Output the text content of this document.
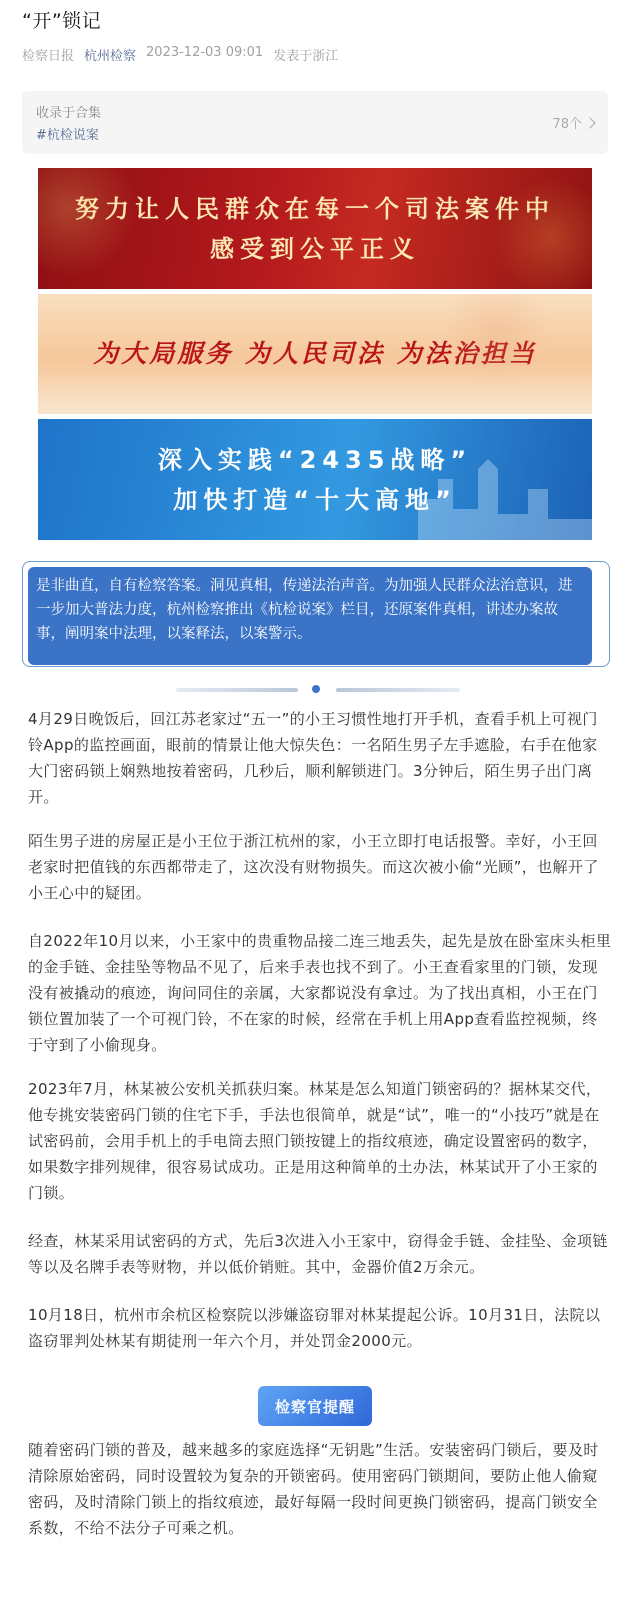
“开”锁记
检察日报 杭州检察 2023-12-03 09:01 发表于浙江
收录于合集
#杭检说案
78个
努力让人民群众在每一个司法案件中
感受到公平正义
为大局服务 为人民司法 为法治担当
深入实践“2435战略”
加快打造“十大高地”
是非曲直，自有检察答案。洞见真相，传递法治声音。为加强人民群众法治意识，进一步加大普法力度，杭州检察推出《杭检说案》栏目，还原案件真相，讲述办案故事，阐明案中法理，以案释法，以案警示。
4月29日晚饭后，回江苏老家过“五一”的小王习惯性地打开手机，查看手机上可视门铃App的监控画面，眼前的情景让他大惊失色：一名陌生男子左手遮脸，右手在他家大门密码锁上娴熟地按着密码，几秒后，顺利解锁进门。3分钟后，陌生男子出门离开。
陌生男子进的房屋正是小王位于浙江杭州的家，小王立即打电话报警。幸好，小王回老家时把值钱的东西都带走了，这次没有财物损失。而这次被小偷“光顾”，也解开了小王心中的疑团。
自2022年10月以来，小王家中的贵重物品接二连三地丢失，起先是放在卧室床头柜里的金手链、金挂坠等物品不见了，后来手表也找不到了。小王查看家里的门锁，发现没有被撬动的痕迹，询问同住的亲属，大家都说没有拿过。为了找出真相，小王在门锁位置加装了一个可视门铃，不在家的时候，经常在手机上用App查看监控视频，终于守到了小偷现身。
2023年7月，林某被公安机关抓获归案。林某是怎么知道门锁密码的？据林某交代，他专挑安装密码门锁的住宅下手，手法也很简单，就是“试”，唯一的“小技巧”就是在试密码前，会用手机上的手电筒去照门锁按键上的指纹痕迹，确定设置密码的数字，如果数字排列规律，很容易试成功。正是用这种简单的土办法，林某试开了小王家的门锁。
经查，林某采用试密码的方式，先后3次进入小王家中，窃得金手链、金挂坠、金项链等以及名牌手表等财物，并以低价销赃。其中，金器价值2万余元。
10月18日，杭州市余杭区检察院以涉嫌盗窃罪对林某提起公诉。10月31日，法院以盗窃罪判处林某有期徒刑一年六个月，并处罚金2000元。
检察官提醒
随着密码门锁的普及，越来越多的家庭选择“无钥匙”生活。安装密码门锁后，要及时清除原始密码，同时设置较为复杂的开锁密码。使用密码门锁期间，要防止他人偷窥密码，及时清除门锁上的指纹痕迹，最好每隔一段时间更换门锁密码，提高门锁安全系数，不给不法分子可乘之机。
